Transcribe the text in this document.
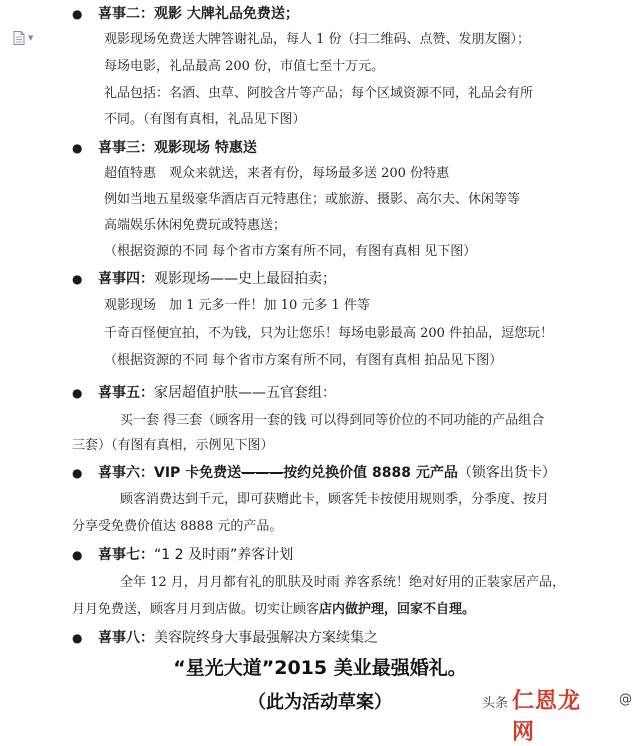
▼
● 喜事二：观影 大牌礼品免费送；
观影现场免费送大牌答谢礼品，每人 1 份（扫二维码、点赞、发朋友圈）；
每场电影，礼品最高 200 份，市值七至十万元。
礼品包括：名酒、虫草、阿胶含片等产品；每个区域资源不同，礼品会有所
不同。（有图有真相，礼品见下图）
● 喜事三：观影现场 特惠送
超值特惠　观众来就送，来者有份，每场最多送 200 份特惠
例如当地五星级豪华酒店百元特惠住；或旅游、摄影、高尔夫、休闲等等
高端娱乐休闲免费玩或特惠送；
（根据资源的不同 每个省市方案有所不同，有图有真相 见下图）
● 喜事四：观影现场——史上最囧拍卖；
观影现场　加 1 元多一件！加 10 元多 1 件等
千奇百怪便宜拍，不为钱，只为让您乐！每场电影最高 200 件拍品，逗您玩！
（根据资源的不同 每个省市方案有所不同，有图有真相 拍品见下图）
● 喜事五：家居超值护肤——五官套组：
买一套 得三套（顾客用一套的钱 可以得到同等价位的不同功能的产品组合
三套）（有图有真相，示例见下图）
● 喜事六：VIP 卡免费送———按约兑换价值 8888 元产品（锁客出货卡）
顾客消费达到千元，即可获赠此卡，顾客凭卡按使用规则季，分季度、按月
分享受免费价值达 8888 元的产品。
● 喜事七：“1 2 及时雨”养客计划
全年 12 月，月月都有礼的肌肤及时雨 养客系统！绝对好用的正装家居产品，
月月免费送，顾客月月到店做。切实让顾客店内做护理，回家不自理。
● 喜事八：美容院终身大事最强解决方案续集之
“星光大道”2015 美业最强婚礼。
（此为活动草案）	头条 仁恩龙网
@
